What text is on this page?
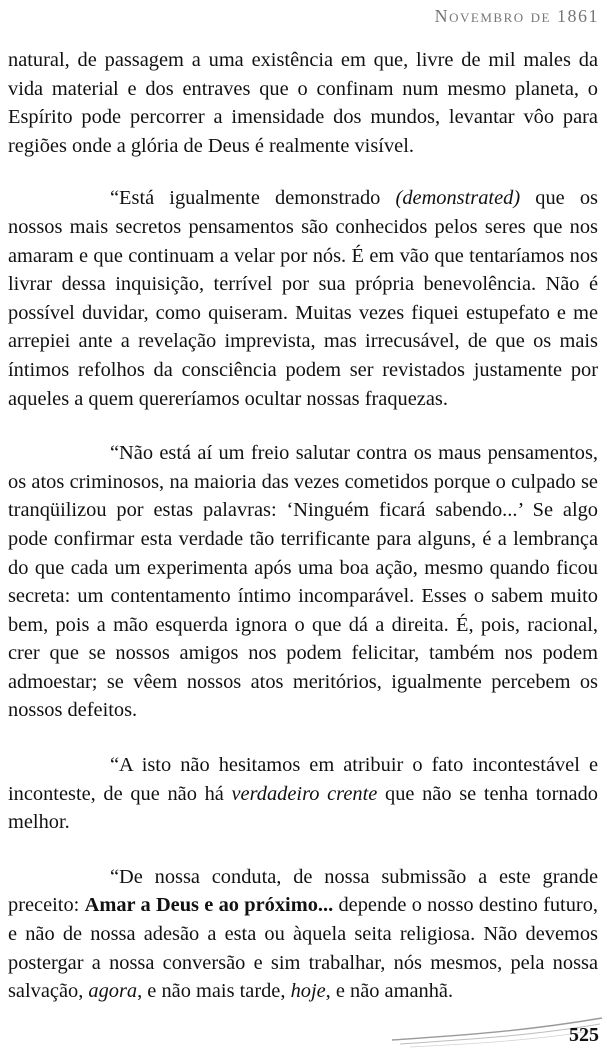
Novembro de 1861

natural, de passagem a uma existência em que, livre de mil males da vida material e dos entraves que o confinam num mesmo planeta, o Espírito pode percorrer a imensidade dos mundos, levantar vôo para regiões onde a glória de Deus é realmente visível.

“Está igualmente demonstrado (demonstrated) que os nossos mais secretos pensamentos são conhecidos pelos seres que nos amaram e que continuam a velar por nós. É em vão que tentaríamos nos livrar dessa inquisição, terrível por sua própria benevolência. Não é possível duvidar, como quiseram. Muitas vezes fiquei estupefato e me arrepiei ante a revelação imprevista, mas irrecusável, de que os mais íntimos refolhos da consciência podem ser revistados justamente por aqueles a quem quereríamos ocultar nossas fraquezas.

“Não está aí um freio salutar contra os maus pensamentos, os atos criminosos, na maioria das vezes cometidos porque o culpado se tranqüilizou por estas palavras: ‘Ninguém ficará sabendo...’ Se algo pode confirmar esta verdade tão terrificante para alguns, é a lembrança do que cada um experimenta após uma boa ação, mesmo quando ficou secreta: um contentamento íntimo incomparável. Esses o sabem muito bem, pois a mão esquerda ignora o que dá a direita. É, pois, racional, crer que se nossos amigos nos podem felicitar, também nos podem admoestar; se vêem nossos atos meritórios, igualmente percebem os nossos defeitos.

“A isto não hesitamos em atribuir o fato incontestável e inconteste, de que não há verdadeiro crente que não se tenha tornado melhor.

“De nossa conduta, de nossa submissão a este grande preceito: Amar a Deus e ao próximo... depende o nosso destino futuro, e não de nossa adesão a esta ou àquela seita religiosa. Não devemos postergar a nossa conversão e sim trabalhar, nós mesmos, pela nossa salvação, agora, e não mais tarde, hoje, e não amanhã.

525
